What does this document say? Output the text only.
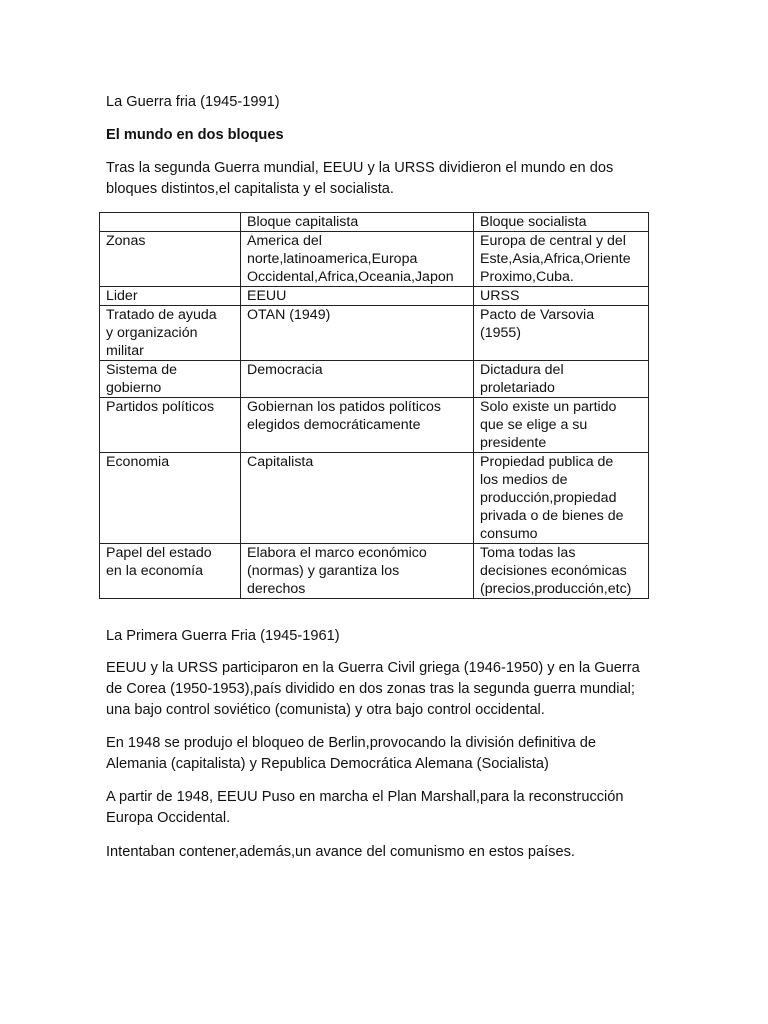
La Guerra fria (1945-1991)
El mundo en dos bloques
Tras la segunda Guerra mundial, EEUU y la URSS dividieron el mundo en dos
bloques distintos,el capitalista y el socialista.
	Bloque capitalista	Bloque socialista

Zonas	America del
norte,latinoamerica,Europa
Occidental,Africa,Oceania,Japon	Europa de central y del
Este,Asia,Africa,Oriente
Proximo,Cuba.

Lider	EEUU	URSS

Tratado de ayuda
y organización
militar	OTAN (1949)	Pacto de Varsovia
(1955)

Sistema de
gobierno	Democracia	Dictadura del
proletariado

Partidos políticos	Gobiernan los patidos políticos
elegidos democráticamente	Solo existe un partido
que se elige a su
presidente

Economia	Capitalista	Propiedad publica de
los medios de
producción,propiedad
privada o de bienes de
consumo

Papel del estado
en la economía	Elabora el marco económico
(normas) y garantiza los
derechos	Toma todas las
decisiones económicas
(precios,producción,etc)
La Primera Guerra Fria (1945-1961)
EEUU y la URSS participaron en la Guerra Civil griega (1946-1950) y en la Guerra
de Corea (1950-1953),país dividido en dos zonas tras la segunda guerra mundial;
una bajo control soviético (comunista) y otra bajo control occidental.
En 1948 se produjo el bloqueo de Berlin,provocando la división definitiva de
Alemania (capitalista) y Republica Democrática Alemana (Socialista)
A partir de 1948, EEUU Puso en marcha el Plan Marshall,para la reconstrucción
Europa Occidental.
Intentaban contener,además,un avance del comunismo en estos países.
